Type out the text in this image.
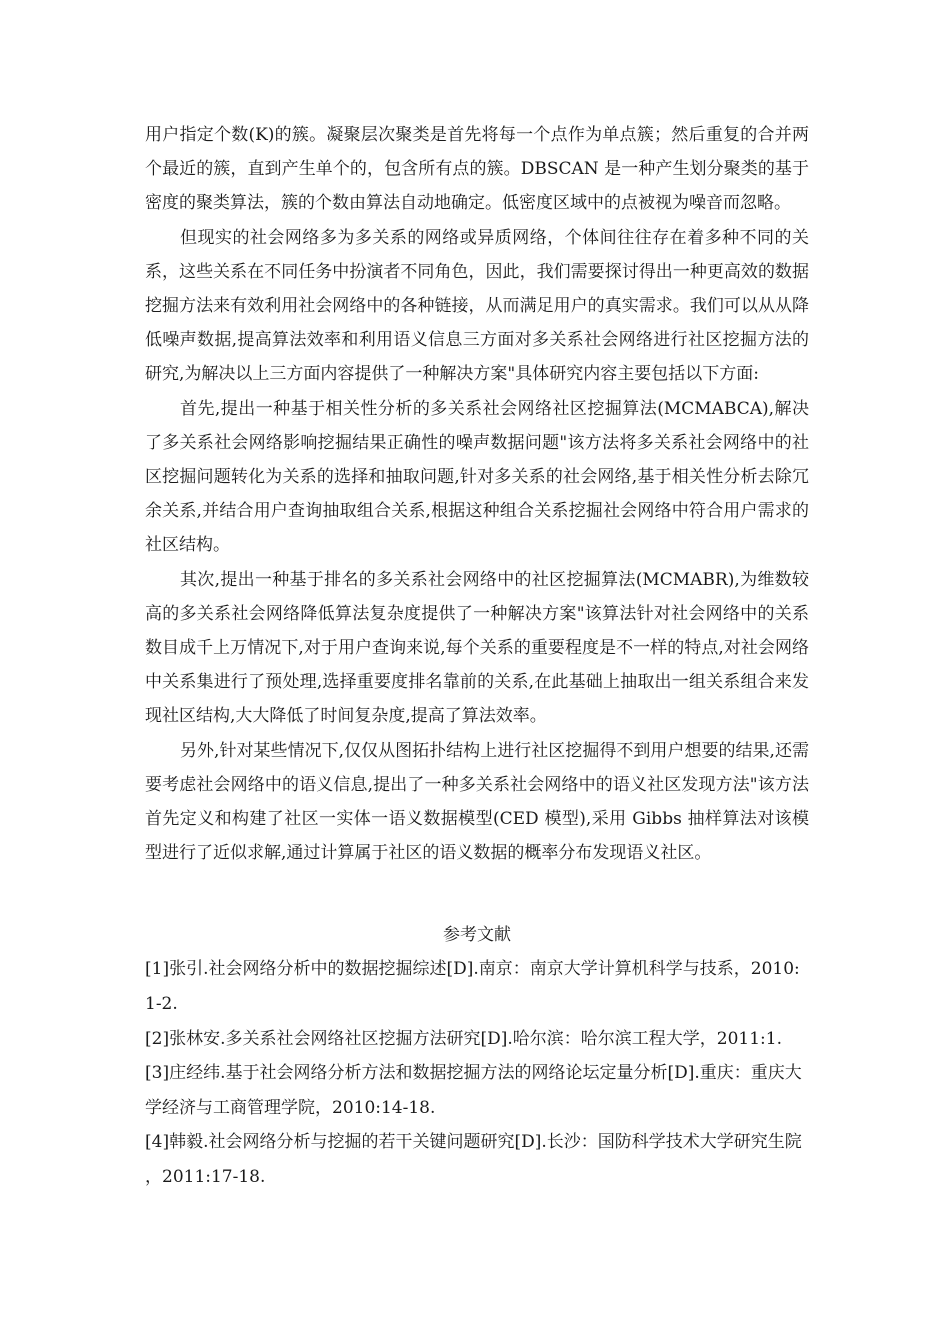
用户指定个数(K)的簇。凝聚层次聚类是首先将每一个点作为单点簇；然后重复的合并两个最近的簇，直到产生单个的，包含所有点的簇。DBSCAN 是一种产生划分聚类的基于密度的聚类算法，簇的个数由算法自动地确定。低密度区域中的点被视为噪音而忽略。

但现实的社会网络多为多关系的网络或异质网络，个体间往往存在着多种不同的关系，这些关系在不同任务中扮演者不同角色，因此，我们需要探讨得出一种更高效的数据挖掘方法来有效利用社会网络中的各种链接，从而满足用户的真实需求。我们可以从从降低噪声数据,提高算法效率和利用语义信息三方面对多关系社会网络进行社区挖掘方法的研究,为解决以上三方面内容提供了一种解决方案"具体研究内容主要包括以下方面:

首先,提出一种基于相关性分析的多关系社会网络社区挖掘算法(MCMABCA),解决了多关系社会网络影响挖掘结果正确性的噪声数据问题"该方法将多关系社会网络中的社区挖掘问题转化为关系的选择和抽取问题,针对多关系的社会网络,基于相关性分析去除冗余关系,并结合用户查询抽取组合关系,根据这种组合关系挖掘社会网络中符合用户需求的社区结构。

其次,提出一种基于排名的多关系社会网络中的社区挖掘算法(MCMABR),为维数较高的多关系社会网络降低算法复杂度提供了一种解决方案"该算法针对社会网络中的关系数目成千上万情况下,对于用户查询来说,每个关系的重要程度是不一样的特点,对社会网络中关系集进行了预处理,选择重要度排名靠前的关系,在此基础上抽取出一组关系组合来发现社区结构,大大降低了时间复杂度,提高了算法效率。

另外,针对某些情况下,仅仅从图拓扑结构上进行社区挖掘得不到用户想要的结果,还需要考虑社会网络中的语义信息,提出了一种多关系社会网络中的语义社区发现方法"该方法首先定义和构建了社区一实体一语义数据模型(CED 模型),采用 Gibbs 抽样算法对该模型进行了近似求解,通过计算属于社区的语义数据的概率分布发现语义社区。

参考文献

[1]张引.社会网络分析中的数据挖掘综述[D].南京：南京大学计算机科学与技系，2010:1-2.

[2]张林安.多关系社会网络社区挖掘方法研究[D].哈尔滨：哈尔滨工程大学，2011:1.

[3]庄经纬.基于社会网络分析方法和数据挖掘方法的网络论坛定量分析[D].重庆：重庆大学经济与工商管理学院，2010:14-18.

[4]韩毅.社会网络分析与挖掘的若干关键问题研究[D].长沙：国防科学技术大学研究生院 ，2011:17-18.
